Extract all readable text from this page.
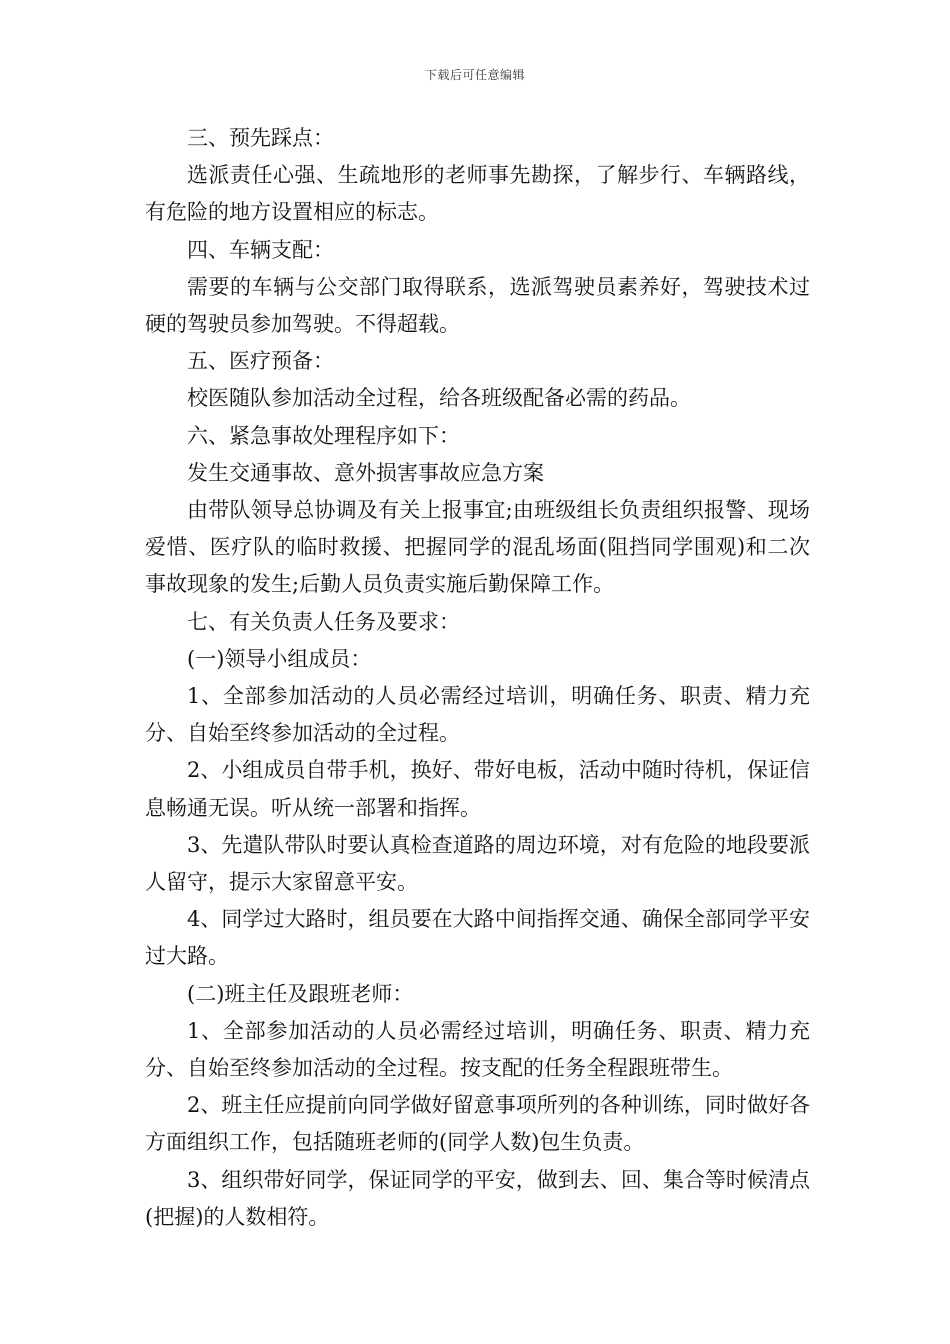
下载后可任意编辑

三、预先踩点：

选派责任心强、生疏地形的老师事先勘探，了解步行、车辆路线，有危险的地方设置相应的标志。

四、车辆支配：

需要的车辆与公交部门取得联系，选派驾驶员素养好，驾驶技术过硬的驾驶员参加驾驶。不得超载。

五、医疗预备：

校医随队参加活动全过程，给各班级配备必需的药品。

六、紧急事故处理程序如下：

发生交通事故、意外损害事故应急方案

由带队领导总协调及有关上报事宜;由班级组长负责组织报警、现场爱惜、医疗队的临时救援、把握同学的混乱场面(阻挡同学围观)和二次事故现象的发生;后勤人员负责实施后勤保障工作。

七、有关负责人任务及要求：

(一)领导小组成员：

1、全部参加活动的人员必需经过培训，明确任务、职责、精力充分、自始至终参加活动的全过程。

2、小组成员自带手机，换好、带好电板，活动中随时待机，保证信息畅通无误。听从统一部署和指挥。

3、先遣队带队时要认真检查道路的周边环境，对有危险的地段要派人留守，提示大家留意平安。

4、同学过大路时，组员要在大路中间指挥交通、确保全部同学平安过大路。

(二)班主任及跟班老师：

1、全部参加活动的人员必需经过培训，明确任务、职责、精力充分、自始至终参加活动的全过程。按支配的任务全程跟班带生。

2、班主任应提前向同学做好留意事项所列的各种训练，同时做好各方面组织工作，包括随班老师的(同学人数)包生负责。

3、组织带好同学，保证同学的平安，做到去、回、集合等时候清点(把握)的人数相符。
